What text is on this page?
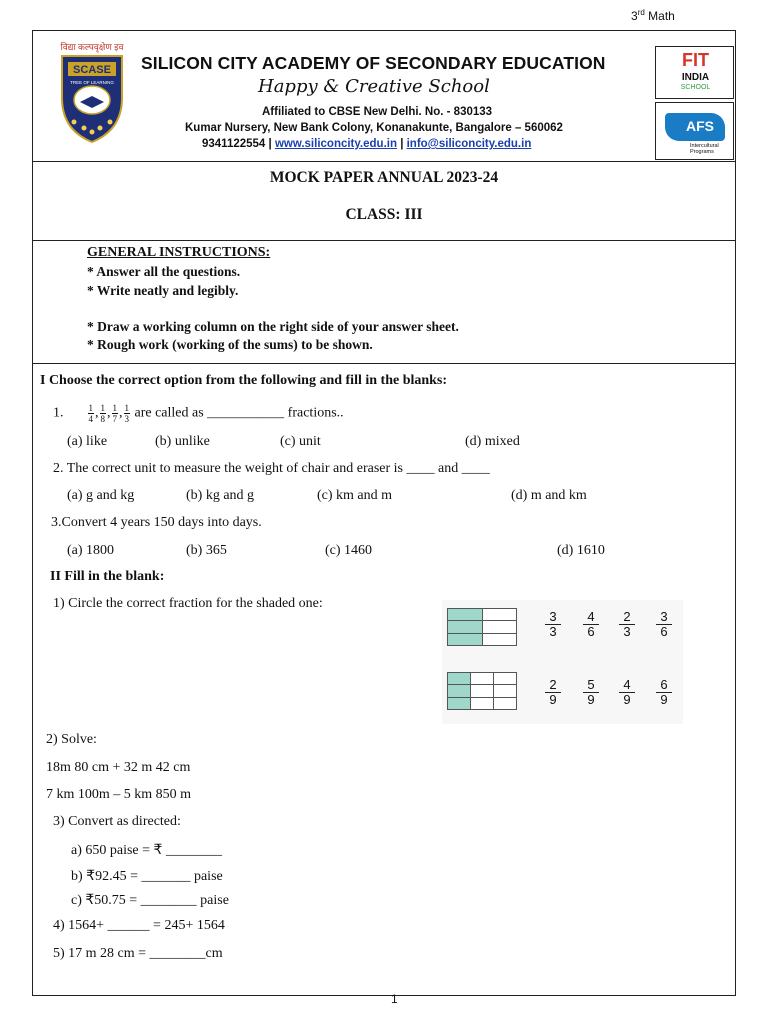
3rd Math
विद्या कल्पवृक्षेण इव
SCASE
TREE OF LEARNING
SILICON CITY ACADEMY OF SECONDARY EDUCATION
Happy & Creative School
Affiliated to CBSE New Delhi. No. - 830133
Kumar Nursery, New Bank Colony, Konanakunte, Bangalore – 560062
9341122554 | www.siliconcity.edu.in | info@siliconcity.edu.in
FIT
INDIA
SCHOOL
AFS
Intercultural
Programs
MOCK PAPER ANNUAL 2023-24
CLASS: III
GENERAL INSTRUCTIONS:
* Answer all the questions.
* Write neatly and legibly.
* Draw a working column on the right side of your answer sheet.
* Rough work (working of the sums) to be shown.
I Choose the correct option from the following and fill in the blanks:
1.	$\frac{1}{4}$ , $\frac{1}{8}$ , $\frac{1}{7}$ , $\frac{1}{3}$ are called as ___________ fractions..
(a) like	(b) unlike	(c) unit	(d) mixed
2. The correct unit to measure the weight of chair and eraser is ____ and ____
(a) g and kg	(b) kg and g	(c) km and m	(d) m and km
3.Convert 4 years 150 days into days.
(a) 1800	(b) 365	(c) 1460	(d) 1610
II Fill in the blank:
1) Circle the correct fraction for the shaded one:
3
3
4
6
2
3
3
6
2
9
5
9
4
9
6
9
2) Solve:
18m 80 cm + 32 m 42 cm
7 km 100m – 5 km 850 m
3) Convert as directed:
a) 650 paise = ₹ ________
b) ₹92.45 = _______ paise
c) ₹50.75 = ________ paise
4) 1564+ ______ = 245+ 1564
5) 17 m 28 cm = ________cm
1
